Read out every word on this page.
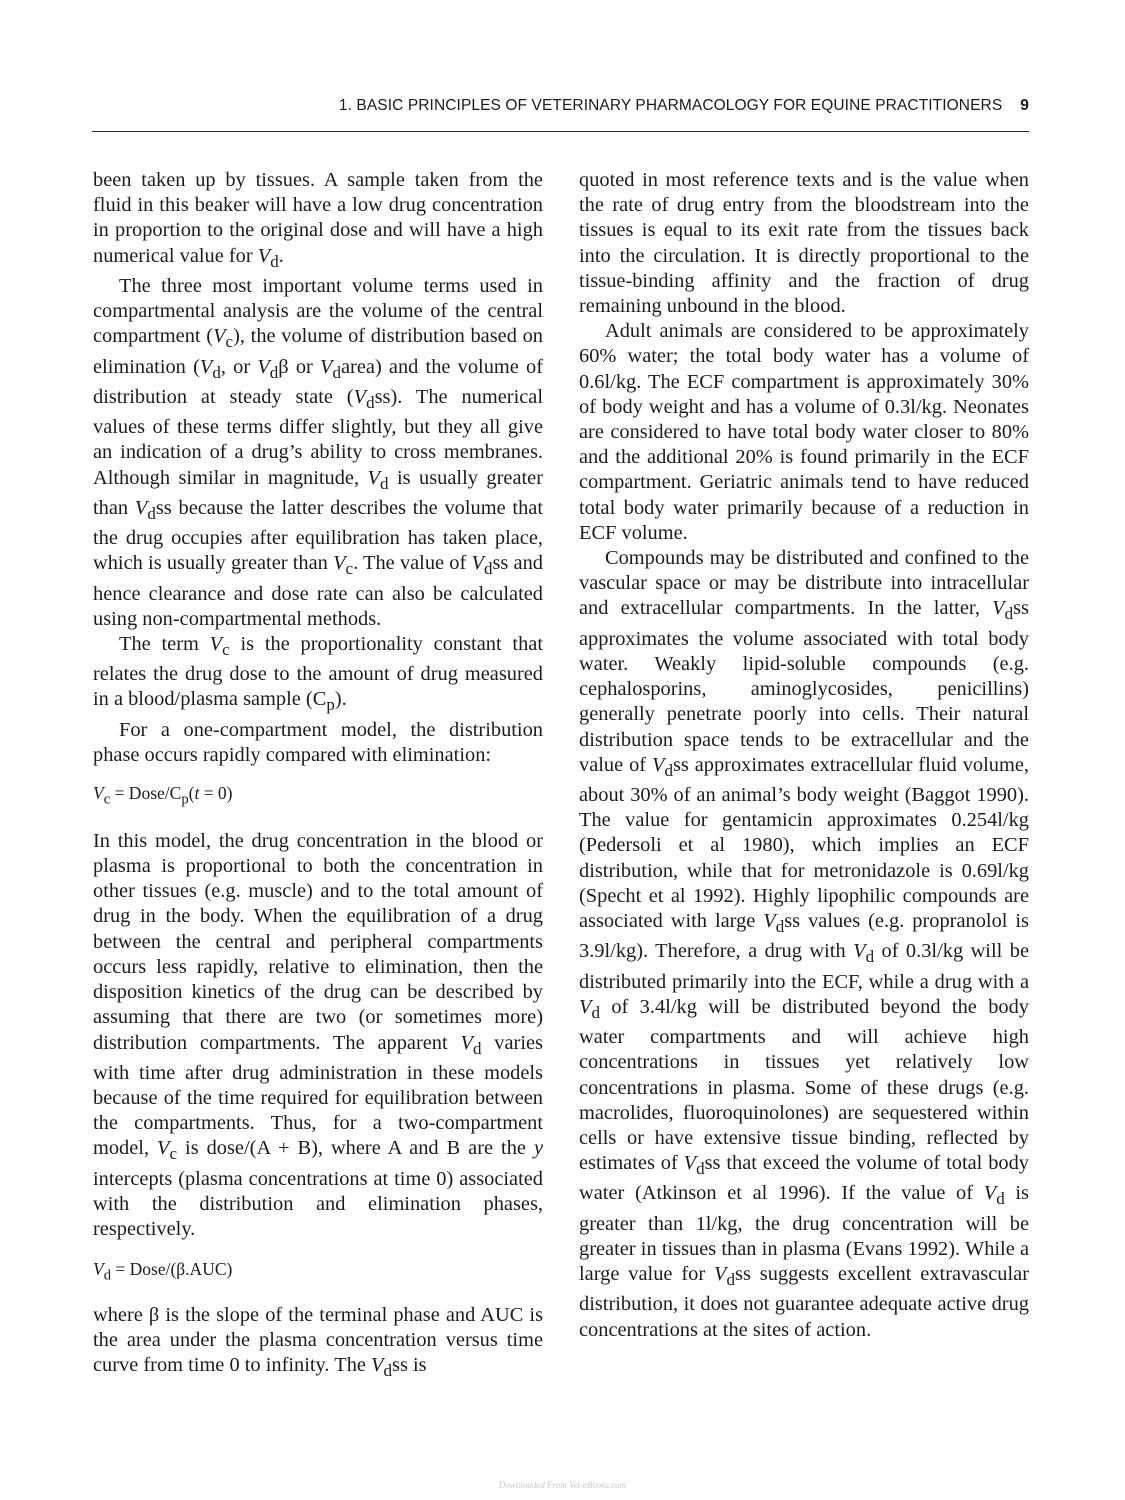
1. BASIC PRINCIPLES OF VETERINARY PHARMACOLOGY FOR EQUINE PRACTITIONERS 9

been taken up by tissues. A sample taken from the fluid in this beaker will have a low drug concentration in proportion to the original dose and will have a high numerical value for $V_d$.

The three most important volume terms used in compartmental analysis are the volume of the central compartment $(V_c)$, the volume of distribution based on elimination ($V_d$, or $V_d\beta$ or $V_darea$) and the volume of distribution at steady state $(V_dss)$. The numerical values of these terms differ slightly, but they all give an indication of a drug’s ability to cross membranes. Although similar in magnitude, $V_d$ is usually greater than $V_dss$ because the latter describes the volume that the drug occupies after equilibration has taken place, which is usually greater than $V_c$. The value of $V_dss$ and hence clearance and dose rate can also be calculated using non-compartmental methods.

The term $V_c$ is the proportionality constant that relates the drug dose to the amount of drug measured in a blood/plasma sample $(C_p)$.

For a one-compartment model, the distribution phase occurs rapidly compared with elimination:

$V_c$ = Dose/$C_p(t = 0)$

In this model, the drug concentration in the blood or plasma is proportional to both the concentration in other tissues (e.g. muscle) and to the total amount of drug in the body. When the equilibration of a drug between the central and peripheral compartments occurs less rapidly, relative to elimination, then the disposition kinetics of the drug can be described by assuming that there are two (or sometimes more) distribution compartments. The apparent $V_d$ varies with time after drug administration in these models because of the time required for equilibration between the compartments. Thus, for a two-compartment model, $V_c$ is dose/(A + B), where A and B are the y intercepts (plasma concentrations at time 0) associated with the distribution and elimination phases, respectively.

$V_d$ = Dose/(β.AUC)

where β is the slope of the terminal phase and AUC is the area under the plasma concentration versus time curve from time 0 to infinity. The $V_dss$ is

quoted in most reference texts and is the value when the rate of drug entry from the bloodstream into the tissues is equal to its exit rate from the tissues back into the circulation. It is directly proportional to the tissue-binding affinity and the fraction of drug remaining unbound in the blood.

Adult animals are considered to be approximately 60% water; the total body water has a volume of 0.6l/kg. The ECF compartment is approximately 30% of body weight and has a volume of 0.3l/kg. Neonates are considered to have total body water closer to 80% and the additional 20% is found primarily in the ECF compartment. Geriatric animals tend to have reduced total body water primarily because of a reduction in ECF volume.

Compounds may be distributed and confined to the vascular space or may be distribute into intracellular and extracellular compartments. In the latter, $V_dss$ approximates the volume associated with total body water. Weakly lipid-soluble compounds (e.g. cephalosporins, aminoglycosides, penicillins) generally penetrate poorly into cells. Their natural distribution space tends to be extracellular and the value of $V_dss$ approximates extracellular fluid volume, about 30% of an animal’s body weight (Baggot 1990). The value for gentamicin approximates 0.254l/kg (Pedersoli et al 1980), which implies an ECF distribution, while that for metronidazole is 0.69l/kg (Specht et al 1992). Highly lipophilic compounds are associated with large $V_dss$ values (e.g. propranolol is 3.9l/kg). Therefore, a drug with $V_d$ of 0.3l/kg will be distributed primarily into the ECF, while a drug with a $V_d$ of 3.4l/kg will be distributed beyond the body water compartments and will achieve high concentrations in tissues yet relatively low concentrations in plasma. Some of these drugs (e.g. macrolides, fluoroquinolones) are sequestered within cells or have extensive tissue binding, reflected by estimates of $V_dss$ that exceed the volume of total body water (Atkinson et al 1996). If the value of $V_d$ is greater than 1l/kg, the drug concentration will be greater in tissues than in plasma (Evans 1992). While a large value for $V_dss$ suggests excellent extravascular distribution, it does not guarantee adequate active drug concentrations at the sites of action.

Downloaded From Vet-eBooks.com
